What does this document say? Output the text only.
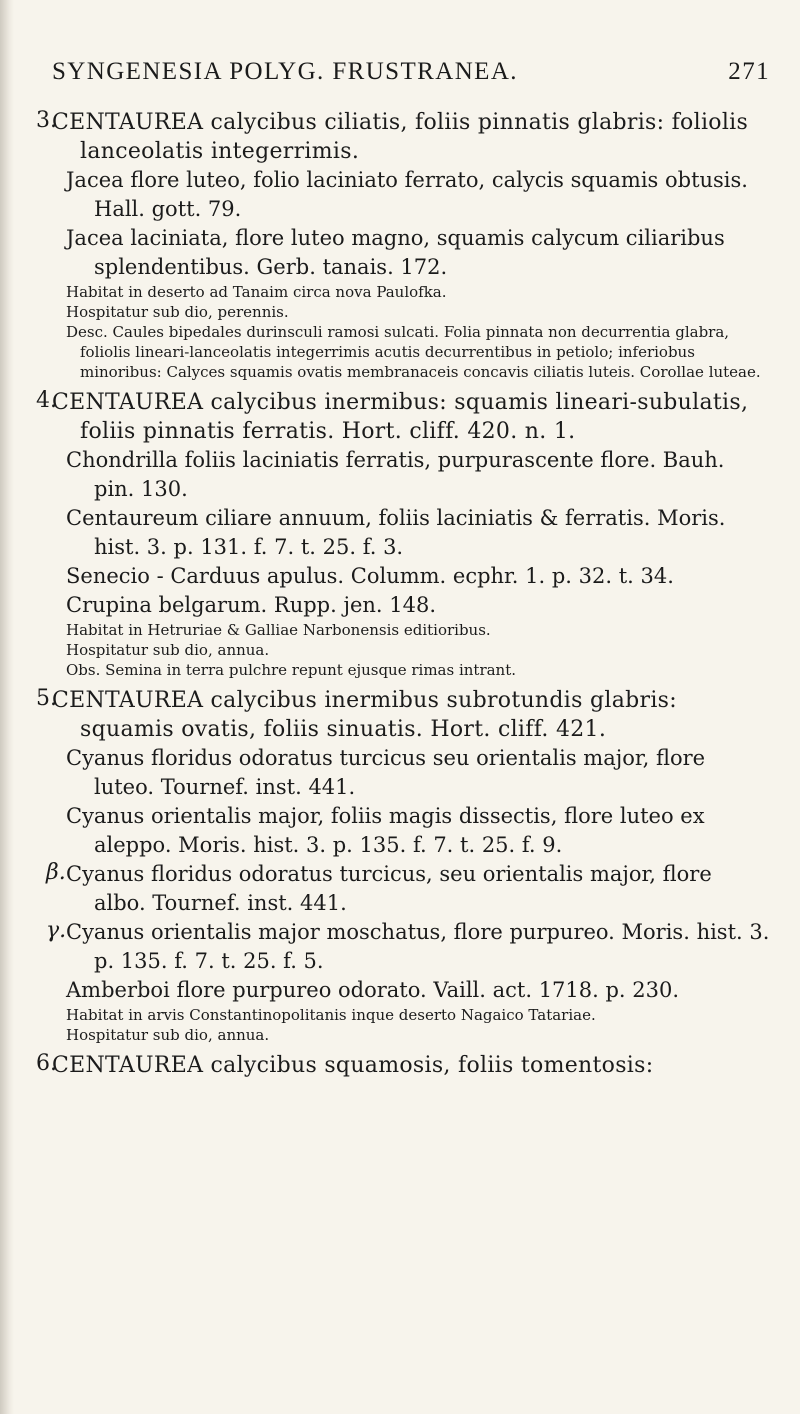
SYNGENESIA POLYG. FRUSTRANEA.	271
3.
CENTAUREA calycibus ciliatis, foliis pinnatis glabris: foliolis lanceolatis integerrimis.
Jacea flore luteo, folio laciniato ferrato, calycis squamis obtusis. Hall. gott. 79.
Jacea laciniata, flore luteo magno, squamis calycum ciliaribus splendentibus. Gerb. tanais. 172.
Habitat in deserto ad Tanaim circa nova Paulofka.
Hospitatur sub dio, perennis.
Desc. Caules bipedales durinsculi ramosi sulcati. Folia pinnata non decurrentia glabra, foliolis lineari-lanceolatis integerrimis acutis decurrentibus in petiolo; inferiobus minoribus: Calyces squamis ovatis membranaceis concavis ciliatis luteis. Corollae luteae.
4.
CENTAUREA calycibus inermibus: squamis lineari-subulatis, foliis pinnatis ferratis. Hort. cliff. 420. n. 1.
Chondrilla foliis laciniatis ferratis, purpurascente flore. Bauh. pin. 130.
Centaureum ciliare annuum, foliis laciniatis & ferratis. Moris. hist. 3. p. 131. f. 7. t. 25. f. 3.
Senecio - Carduus apulus. Columm. ecphr. 1. p. 32. t. 34.
Crupina belgarum. Rupp. jen. 148.
Habitat in Hetruriae & Galliae Narbonensis editioribus.
Hospitatur sub dio, annua.
Obs. Semina in terra pulchre repunt ejusque rimas intrant.
5.
CENTAUREA calycibus inermibus subrotundis glabris: squamis ovatis, foliis sinuatis. Hort. cliff. 421.
Cyanus floridus odoratus turcicus seu orientalis major, flore luteo. Tournef. inst. 441.
Cyanus orientalis major, foliis magis dissectis, flore luteo ex aleppo. Moris. hist. 3. p. 135. f. 7. t. 25. f. 9.
β. Cyanus floridus odoratus turcicus, seu orientalis major, flore albo. Tournef. inst. 441.
γ. Cyanus orientalis major moschatus, flore purpureo. Moris. hist. 3. p. 135. f. 7. t. 25. f. 5.
Amberboi flore purpureo odorato. Vaill. act. 1718. p. 230.
Habitat in arvis Constantinopolitanis inque deserto Nagaico Tatariae.
Hospitatur sub dio, annua.
6.
CENTAUREA calycibus squamosis, foliis tomentosis:
